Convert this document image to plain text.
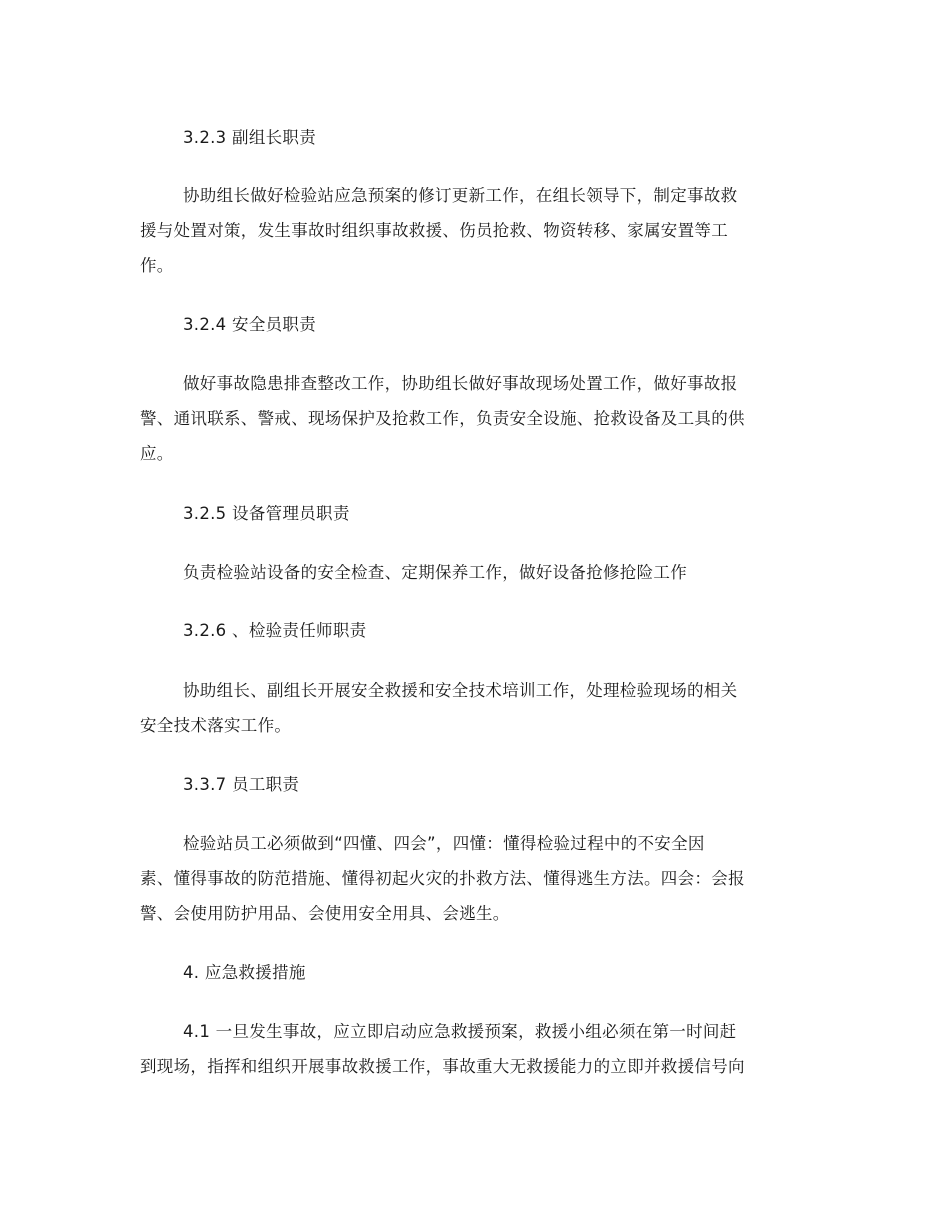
3.2.3 副组长职责
协助组长做好检验站应急预案的修订更新工作，在组长领导下，制定事故救
援与处置对策，发生事故时组织事故救援、伤员抢救、物资转移、家属安置等工
作。
3.2.4 安全员职责
做好事故隐患排查整改工作，协助组长做好事故现场处置工作，做好事故报
警、通讯联系、警戒、现场保护及抢救工作，负责安全设施、抢救设备及工具的供
应。
3.2.5 设备管理员职责
负责检验站设备的安全检查、定期保养工作，做好设备抢修抢险工作
3.2.6 、检验责任师职责
协助组长、副组长开展安全救援和安全技术培训工作，处理检验现场的相关
安全技术落实工作。
3.3.7 员工职责
检验站员工必须做到“四懂、四会”，四懂：懂得检验过程中的不安全因
素、懂得事故的防范措施、懂得初起火灾的扑救方法、懂得逃生方法。四会：会报
警、会使用防护用品、会使用安全用具、会逃生。
4. 应急救援措施
4.1 一旦发生事故，应立即启动应急救援预案，救援小组必须在第一时间赶
到现场，指挥和组织开展事故救援工作，事故重大无救援能力的立即并救援信号向
